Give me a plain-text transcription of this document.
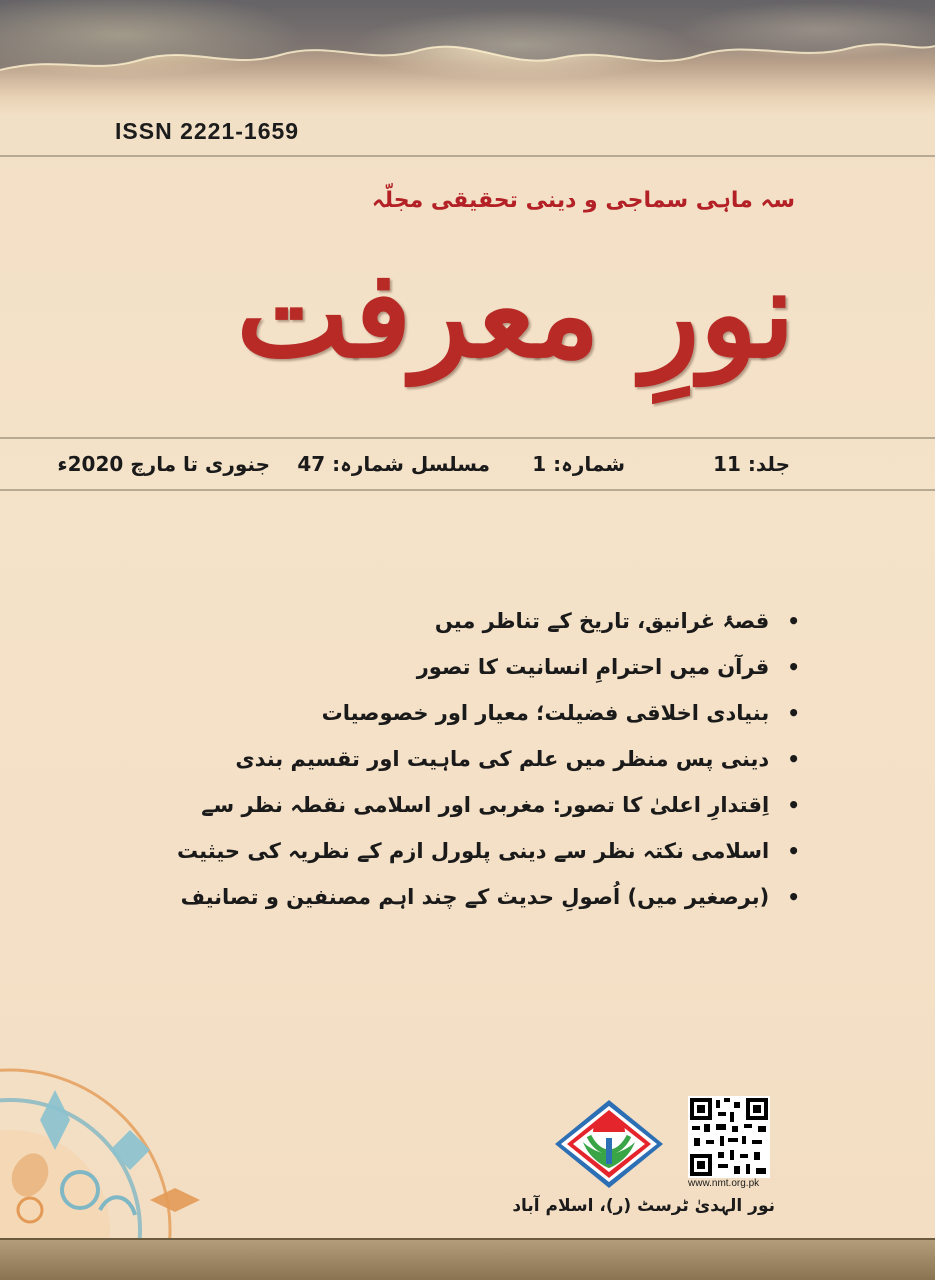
ISSN 2221-1659
سہ ماہی سماجی و دینی تحقیقی مجلّہ
نورِ معرفت
جلد: 11
شمارہ: 1
مسلسل شمارہ: 47
جنوری تا مارچ 2020ء
•قصۂ غرانیق، تاریخ کے تناظر میں
•قرآن میں احترامِ انسانیت کا تصور
•بنیادی اخلاقی فضیلت؛ معیار اور خصوصیات
•دینی پس منظر میں علم کی ماہیت اور تقسیم بندی
•اِقتدارِ اعلیٰ کا تصور: مغربی اور اسلامی نقطہ نظر سے
•اسلامی نکتہ نظر سے دینی پلورل ازم کے نظریہ کی حیثیت
•(برصغیر میں) اُصولِ حدیث کے چند اہم مصنفین و تصانیف
www.nmt.org.pk
نور الہدیٰ ٹرسٹ (ر)، اسلام آباد
